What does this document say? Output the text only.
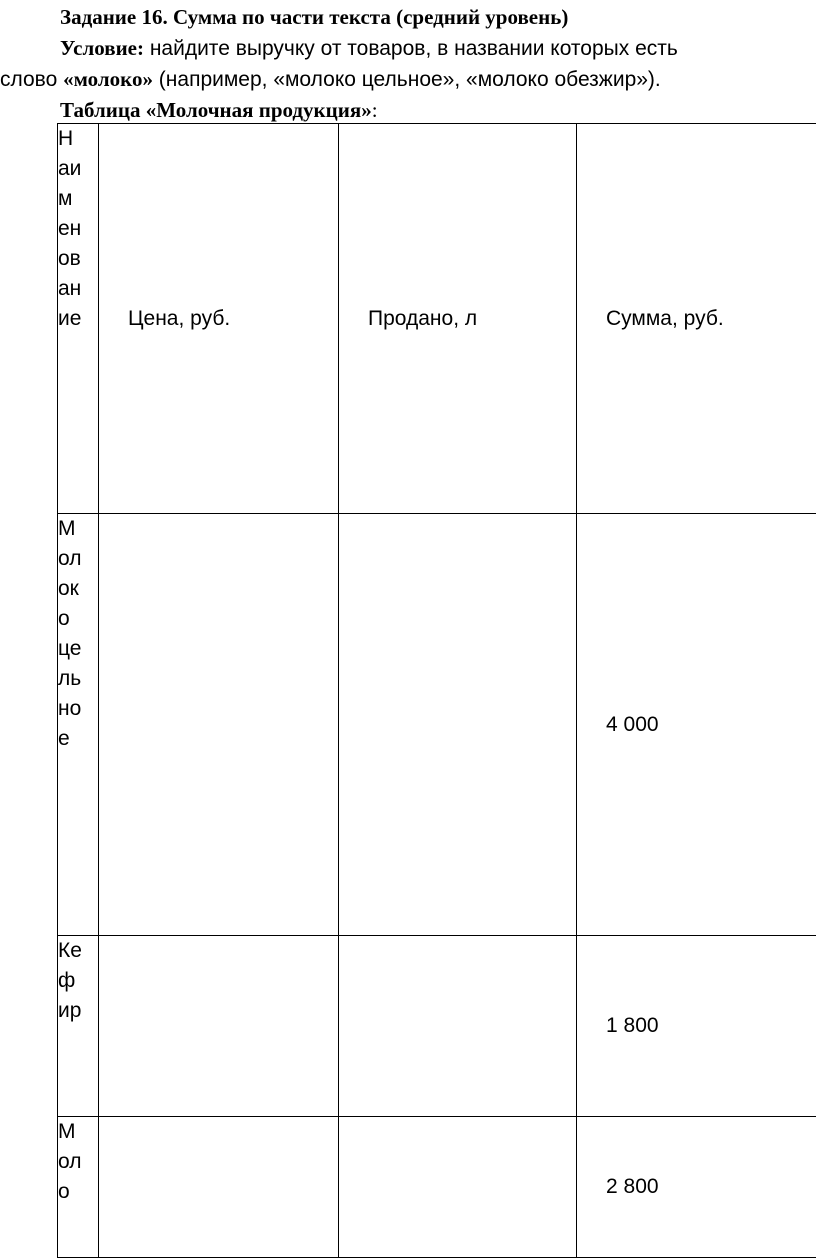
Задание 16. Сумма по части текста (средний уровень)
Условие: найдите выручку от товаров, в названии которых есть
слово «молоко» (например, «молоко цельное», «молоко обезжир»).
Таблица «Молочная продукция»:
Наименование	Цена, руб.	Продано, л	Сумма, руб.

Молоко цельное			4 000

Кефир			1 800

Моло			2 800
